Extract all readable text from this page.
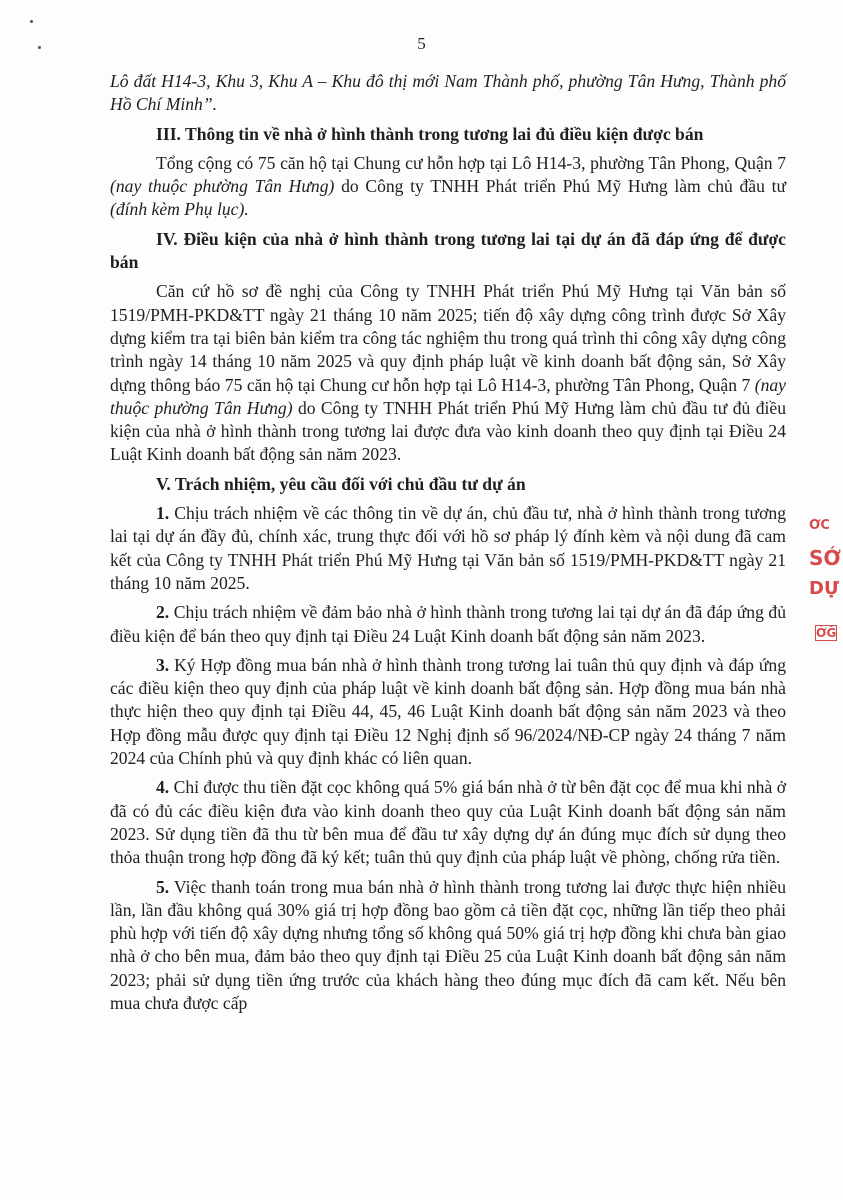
5

Lô đất H14-3, Khu 3, Khu A – Khu đô thị mới Nam Thành phố, phường Tân Hưng, Thành phố Hồ Chí Minh”.

III. Thông tin về nhà ở hình thành trong tương lai đủ điều kiện được bán

Tổng cộng có 75 căn hộ tại Chung cư hỗn hợp tại Lô H14-3, phường Tân Phong, Quận 7 (nay thuộc phường Tân Hưng) do Công ty TNHH Phát triển Phú Mỹ Hưng làm chủ đầu tư (đính kèm Phụ lục).

IV. Điều kiện của nhà ở hình thành trong tương lai tại dự án đã đáp ứng để được bán

Căn cứ hồ sơ đề nghị của Công ty TNHH Phát triển Phú Mỹ Hưng tại Văn bản số 1519/PMH-PKD&TT ngày 21 tháng 10 năm 2025; tiến độ xây dựng công trình được Sở Xây dựng kiểm tra tại biên bản kiểm tra công tác nghiệm thu trong quá trình thi công xây dựng công trình ngày 14 tháng 10 năm 2025 và quy định pháp luật về kinh doanh bất động sản, Sở Xây dựng thông báo 75 căn hộ tại Chung cư hỗn hợp tại Lô H14-3, phường Tân Phong, Quận 7 (nay thuộc phường Tân Hưng) do Công ty TNHH Phát triển Phú Mỹ Hưng làm chủ đầu tư đủ điều kiện của nhà ở hình thành trong tương lai được đưa vào kinh doanh theo quy định tại Điều 24 Luật Kinh doanh bất động sản năm 2023.

V. Trách nhiệm, yêu cầu đối với chủ đầu tư dự án

1. Chịu trách nhiệm về các thông tin về dự án, chủ đầu tư, nhà ở hình thành trong tương lai tại dự án đầy đủ, chính xác, trung thực đối với hồ sơ pháp lý đính kèm và nội dung đã cam kết của Công ty TNHH Phát triển Phú Mỹ Hưng tại Văn bản số 1519/PMH-PKD&TT ngày 21 tháng 10 năm 2025.

2. Chịu trách nhiệm về đảm bảo nhà ở hình thành trong tương lai tại dự án đã đáp ứng đủ điều kiện để bán theo quy định tại Điều 24 Luật Kinh doanh bất động sản năm 2023.

3. Ký Hợp đồng mua bán nhà ở hình thành trong tương lai tuân thủ quy định và đáp ứng các điều kiện theo quy định của pháp luật về kinh doanh bất động sản. Hợp đồng mua bán nhà thực hiện theo quy định tại Điều 44, 45, 46 Luật Kinh doanh bất động sản năm 2023 và theo Hợp đồng mẫu được quy định tại Điều 12 Nghị định số 96/2024/NĐ-CP ngày 24 tháng 7 năm 2024 của Chính phủ và quy định khác có liên quan.

4. Chỉ được thu tiền đặt cọc không quá 5% giá bán nhà ở từ bên đặt cọc để mua khi nhà ở đã có đủ các điều kiện đưa vào kinh doanh theo quy của Luật Kinh doanh bất động sản năm 2023. Sử dụng tiền đã thu từ bên mua để đầu tư xây dựng dự án đúng mục đích sử dụng theo thỏa thuận trong hợp đồng đã ký kết; tuân thủ quy định của pháp luật về phòng, chống rửa tiền.

5. Việc thanh toán trong mua bán nhà ở hình thành trong tương lai được thực hiện nhiều lần, lần đầu không quá 30% giá trị hợp đồng bao gồm cả tiền đặt cọc, những lần tiếp theo phải phù hợp với tiến độ xây dựng nhưng tổng số không quá 50% giá trị hợp đồng khi chưa bàn giao nhà ở cho bên mua, đảm bảo theo quy định tại Điều 25 của Luật Kinh doanh bất động sản năm 2023; phải sử dụng tiền ứng trước của khách hàng theo đúng mục đích đã cam kết. Nếu bên mua chưa được cấp

ỞC
SỞ
DỰ
ỞĞ
